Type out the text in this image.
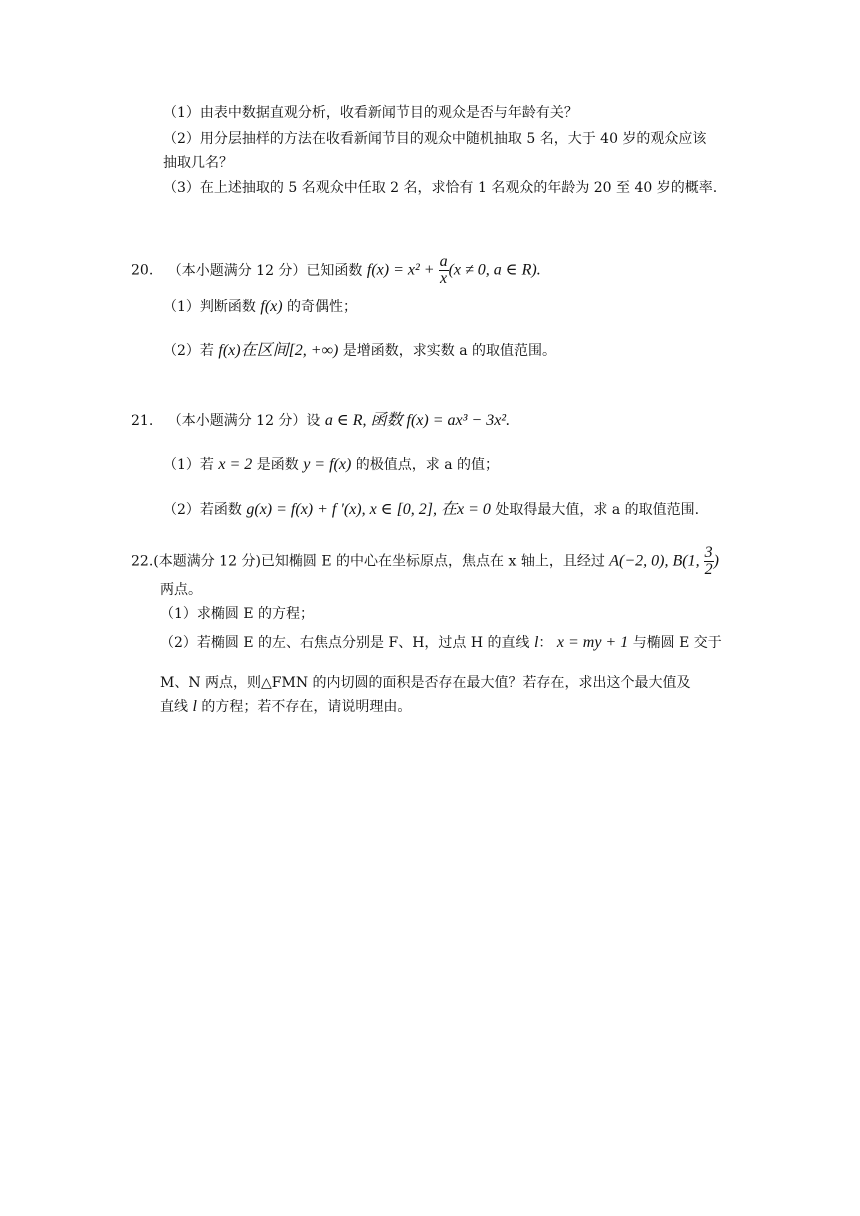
（1）由表中数据直观分析，收看新闻节目的观众是否与年龄有关？
（2）用分层抽样的方法在收看新闻节目的观众中随机抽取 5 名，大于 40 岁的观众应该
抽取几名？
（3）在上述抽取的 5 名观众中任取 2 名，求恰有 1 名观众的年龄为 20 至 40 岁的概率.
20. （本小题满分 12 分）已知函数 $f(x) = x^2 + \frac{a}{x} (x \ne 0$, a ∈ R).
（1）判断函数 f(x) 的奇偶性；
（2）若 f(x)在区间[2, +∞) 是增函数，求实数 a 的取值范围。
21. （本小题满分 12 分）设 a ∈ R, 函数 f(x) = ax³ − 3x².
（1）若 x = 2 是函数 y = f(x) 的极值点，求 a 的值；
（2）若函数 g(x) = f(x) + f ′(x), x ∈ [0, 2], 在x = 0 处取得最大值，求 a 的取值范围.
22.(本题满分 12 分)已知椭圆 E 的中心在坐标原点，焦点在 x 轴上，且经过 A(−2, 0), B(1, $\frac{3}{2}$ )
两点。
（1）求椭圆 E 的方程；
（2）若椭圆 E 的左、右焦点分别是 F、H，过点 H 的直线 l： x = my + 1 与椭圆 E 交于
M、N 两点，则△FMN 的内切圆的面积是否存在最大值？若存在，求出这个最大值及
直线 l 的方程；若不存在，请说明理由。
